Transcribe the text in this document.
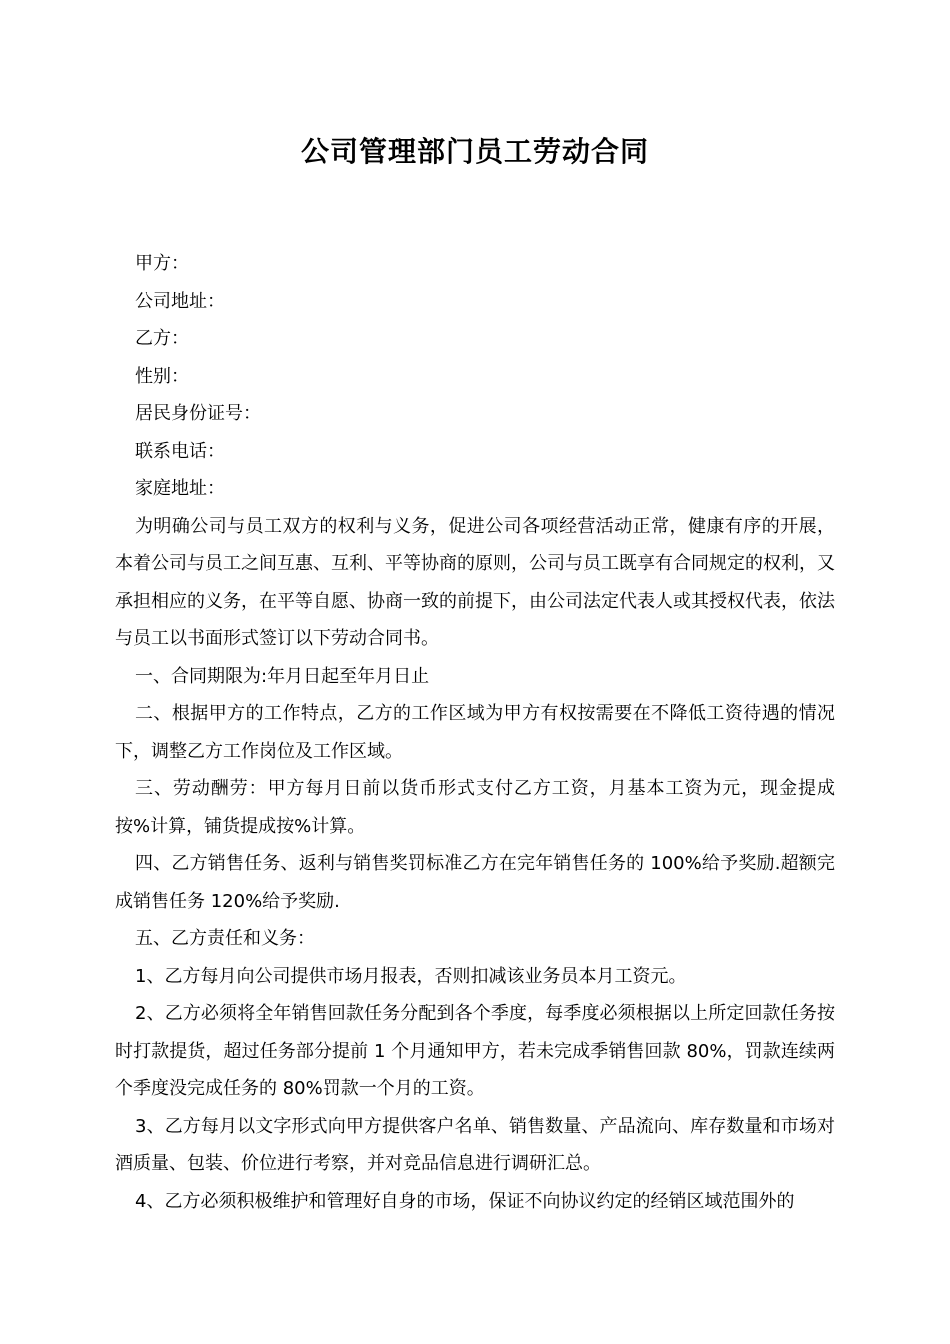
公司管理部门员工劳动合同

甲方：

公司地址：

乙方：

性别：

居民身份证号：

联系电话：

家庭地址：

为明确公司与员工双方的权利与义务，促进公司各项经营活动正常，健康有序的开展，本着公司与员工之间互惠、互利、平等协商的原则，公司与员工既享有合同规定的权利，又承担相应的义务，在平等自愿、协商一致的前提下，由公司法定代表人或其授权代表，依法与员工以书面形式签订以下劳动合同书。

一、合同期限为:年月日起至年月日止

二、根据甲方的工作特点，乙方的工作区域为甲方有权按需要在不降低工资待遇的情况下，调整乙方工作岗位及工作区域。

三、劳动酬劳：甲方每月日前以货币形式支付乙方工资，月基本工资为元，现金提成按%计算，铺货提成按%计算。

四、乙方销售任务、返利与销售奖罚标准乙方在完年销售任务的 100%给予奖励.超额完成销售任务 120%给予奖励.

五、乙方责任和义务：

1、乙方每月向公司提供市场月报表，否则扣减该业务员本月工资元。

2、乙方必须将全年销售回款任务分配到各个季度，每季度必须根据以上所定回款任务按时打款提货，超过任务部分提前 1 个月通知甲方，若未完成季销售回款 80%，罚款连续两个季度没完成任务的 80%罚款一个月的工资。

3、乙方每月以文字形式向甲方提供客户名单、销售数量、产品流向、库存数量和市场对酒质量、包装、价位进行考察，并对竞品信息进行调研汇总。

4、乙方必须积极维护和管理好自身的市场，保证不向协议约定的经销区域范围外的
